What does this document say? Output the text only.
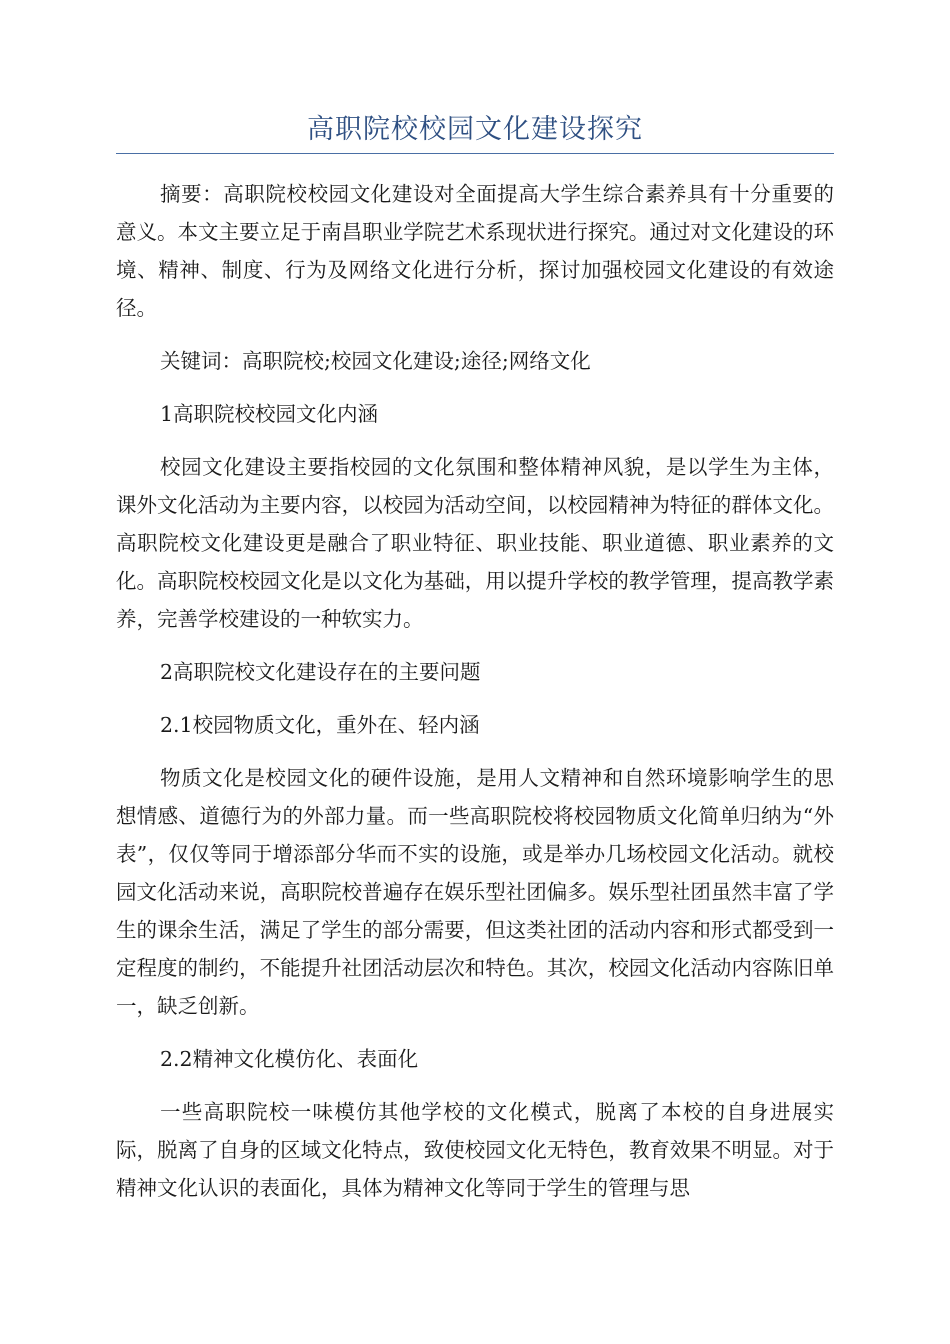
高职院校校园文化建设探究

摘要：高职院校校园文化建设对全面提高大学生综合素养具有十分重要的意义。本文主要立足于南昌职业学院艺术系现状进行探究。通过对文化建设的环境、精神、制度、行为及网络文化进行分析，探讨加强校园文化建设的有效途径。

关键词：高职院校;校园文化建设;途径;网络文化

1高职院校校园文化内涵

校园文化建设主要指校园的文化氛围和整体精神风貌，是以学生为主体，课外文化活动为主要内容，以校园为活动空间，以校园精神为特征的群体文化。高职院校文化建设更是融合了职业特征、职业技能、职业道德、职业素养的文化。高职院校校园文化是以文化为基础，用以提升学校的教学管理，提高教学素养，完善学校建设的一种软实力。

2高职院校文化建设存在的主要问题

2.1校园物质文化，重外在、轻内涵

物质文化是校园文化的硬件设施，是用人文精神和自然环境影响学生的思想情感、道德行为的外部力量。而一些高职院校将校园物质文化简单归纳为“外表”，仅仅等同于增添部分华而不实的设施，或是举办几场校园文化活动。就校园文化活动来说，高职院校普遍存在娱乐型社团偏多。娱乐型社团虽然丰富了学生的课余生活，满足了学生的部分需要，但这类社团的活动内容和形式都受到一定程度的制约，不能提升社团活动层次和特色。其次，校园文化活动内容陈旧单一，缺乏创新。

2.2精神文化模仿化、表面化

一些高职院校一味模仿其他学校的文化模式，脱离了本校的自身进展实际，脱离了自身的区域文化特点，致使校园文化无特色，教育效果不明显。对于精神文化认识的表面化，具体为精神文化等同于学生的管理与思
